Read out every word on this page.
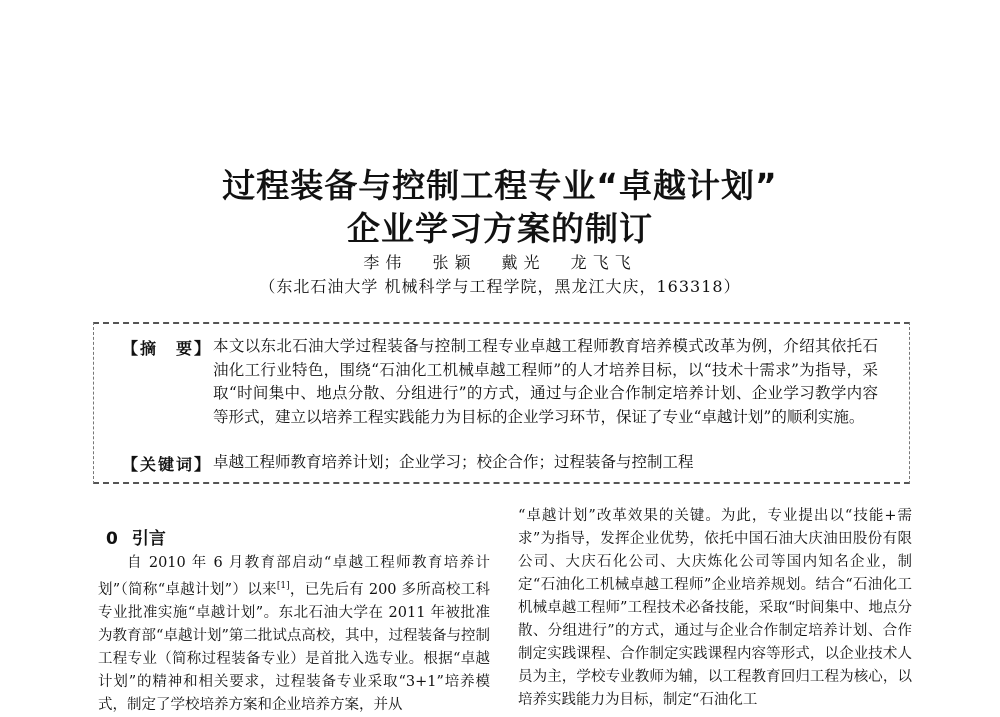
过程装备与控制工程专业“卓越计划”
企业学习方案的制订

李伟 张颖 戴光 龙飞飞

（东北石油大学 机械科学与工程学院，黑龙江大庆，163318）

【摘　要】 本文以东北石油大学过程装备与控制工程专业卓越工程师教育培养模式改革为例，介绍其依托石油化工行业特色，围绕“石油化工机械卓越工程师”的人才培养目标，以“技术十需求”为指导，采取“时间集中、地点分散、分组进行”的方式，通过与企业合作制定培养计划、企业学习教学内容等形式，建立以培养工程实践能力为目标的企业学习环节，保证了专业“卓越计划”的顺利实施。

【关键词】 卓越工程师教育培养计划；企业学习；校企合作；过程装备与控制工程

0 引言

自 2010 年 6 月教育部启动“卓越工程师教育培养计划”（简称“卓越计划”）以来[1]，已先后有 200 多所高校工科专业批准实施“卓越计划”。东北石油大学在 2011 年被批准为教育部“卓越计划”第二批试点高校，其中，过程装备与控制工程专业（简称过程装备专业）是首批入选专业。根据“卓越计划”的精神和相关要求，过程装备专业采取“3+1”培养模式，制定了学校培养方案和企业培养方案，并从

“卓越计划”改革效果的关键。为此，专业提出以“技能+需求”为指导，发挥企业优势，依托中国石油大庆油田股份有限公司、大庆石化公司、大庆炼化公司等国内知名企业，制定“石油化工机械卓越工程师”企业培养规划。结合“石油化工机械卓越工程师”工程技术必备技能，采取“时间集中、地点分散、分组进行”的方式，通过与企业合作制定培养计划、合作制定实践课程、合作制定实践课程内容等形式，以企业技术人员为主，学校专业教师为辅，以工程教育回归工程为核心，以培养实践能力为目标，制定“石油化工
